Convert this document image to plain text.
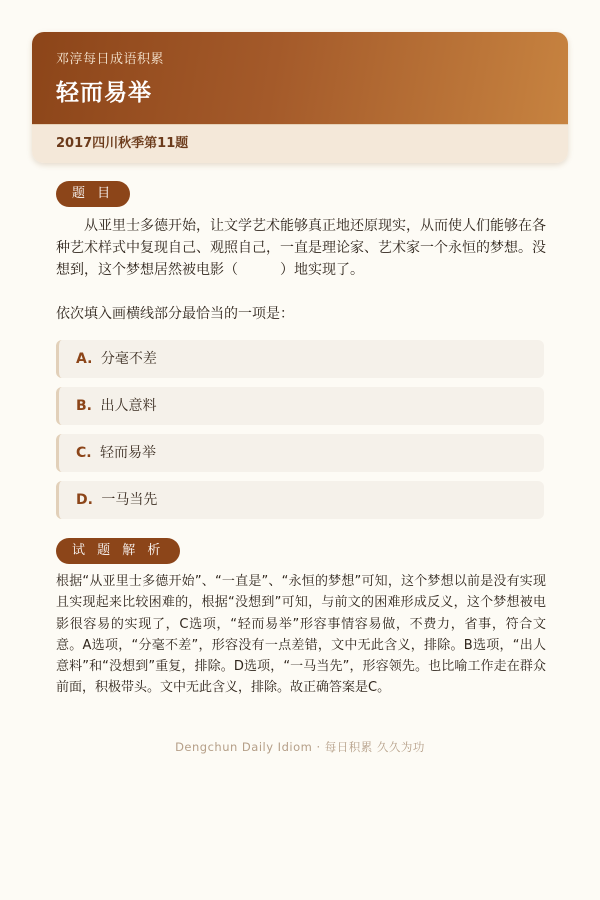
邓淳每日成语积累
轻而易举
2017四川秋季第11题
题 目
从亚里士多德开始，让文学艺术能够真正地还原现实，从而使人们能够在各种艺术样式中复现自己、观照自己，一直是理论家、艺术家一个永恒的梦想。没想到，这个梦想居然被电影（　　　）地实现了。
依次填入画横线部分最恰当的一项是：
A. 分毫不差
B. 出人意料
C. 轻而易举
D. 一马当先
试 题 解 析
根据“从亚里士多德开始”、“一直是”、“永恒的梦想”可知，这个梦想以前是没有实现且实现起来比较困难的，根据“没想到”可知，与前文的困难形成反义，这个梦想被电影很容易的实现了，C选项，“轻而易举”形容事情容易做，不费力，省事，符合文意。A选项，“分毫不差”，形容没有一点差错，文中无此含义，排除。B选项，“出人意料”和“没想到”重复，排除。D选项，“一马当先”，形容领先。也比喻工作走在群众前面，积极带头。文中无此含义，排除。故正确答案是C。
Dengchun Daily Idiom · 每日积累 久久为功
